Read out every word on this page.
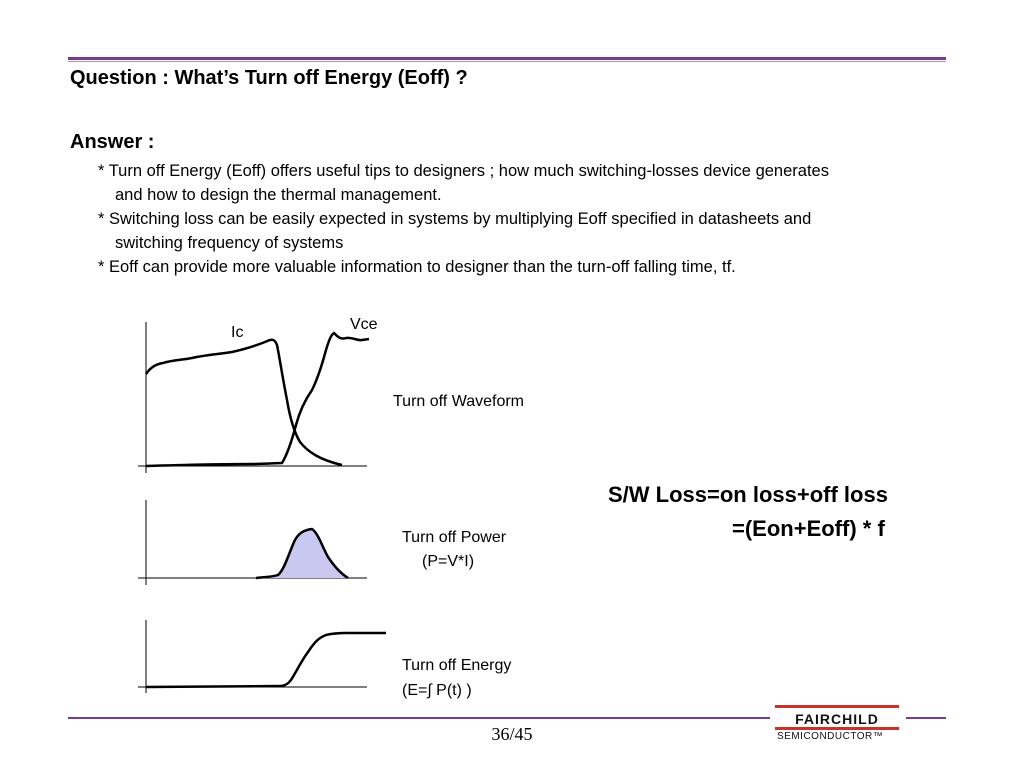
Question : What’s Turn off Energy (Eoff) ?
Answer :
* Turn off Energy (Eoff) offers useful tips to designers ; how much switching-losses device generates
and how to design the thermal management.
* Switching loss can be easily expected in systems by multiplying Eoff specified in datasheets and
switching frequency of systems
* Eoff can provide more valuable information to designer than the turn-off falling time, tf.
Ic	Vce
Turn off Waveform
Turn off Power
(P=V*I)
Turn off Energy
(E=∫ P(t) )
S/W Loss=on loss+off loss
=(Eon+Eoff) * f
36/45
FAIRCHILD
SEMICONDUCTOR™
